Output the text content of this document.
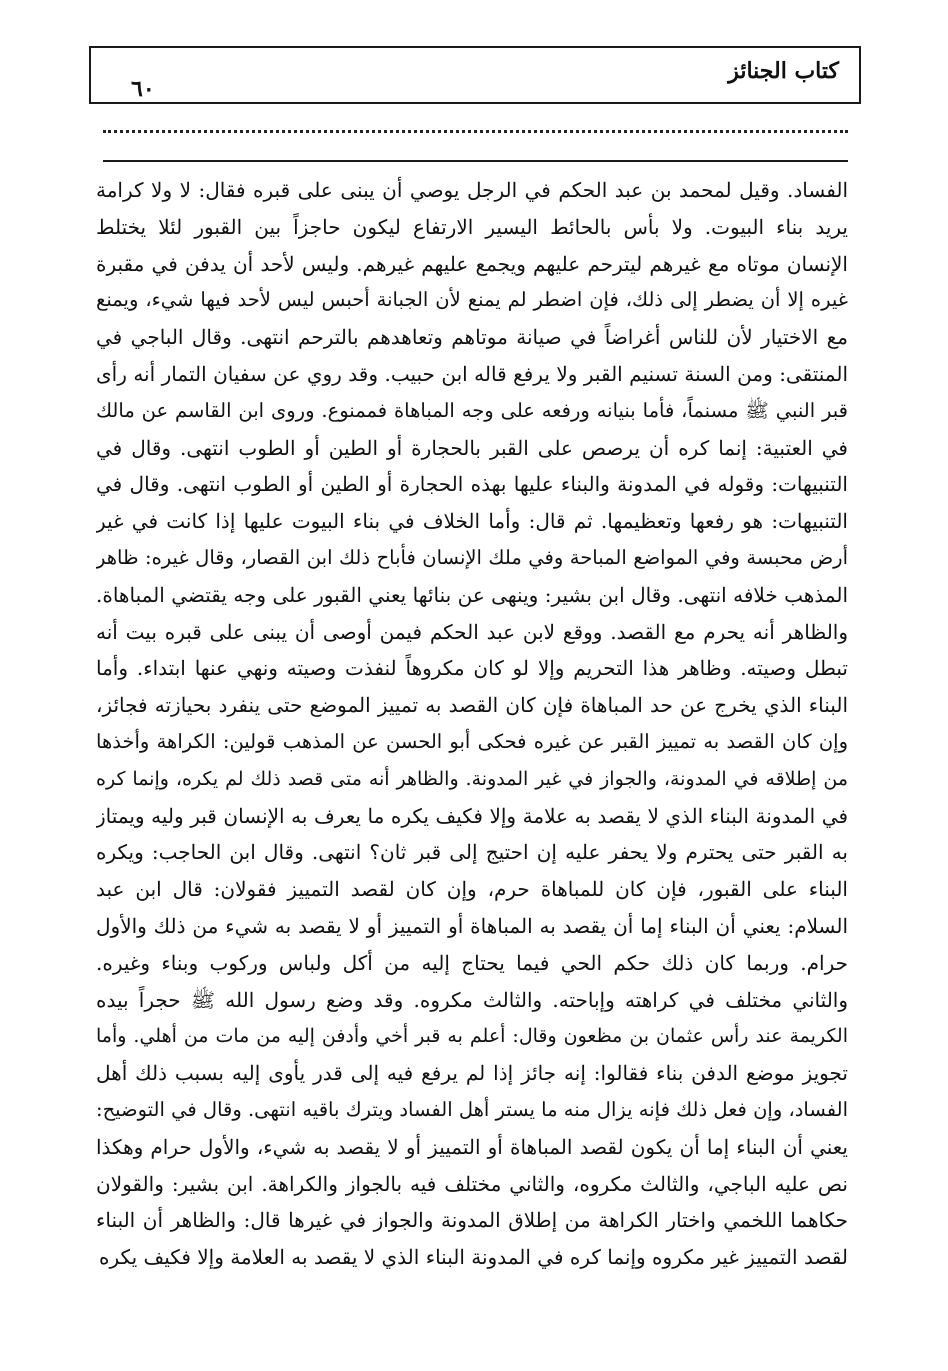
كتاب الجنائز
٦٠
الفساد. وقيل لمحمد بن عبد الحكم في الرجل يوصي أن يبنى على قبره فقال: لا ولا كرامة
يريد بناء البيوت. ولا بأس بالحائط اليسير الارتفاع ليكون حاجزاً بين القبور لئلا يختلط
الإنسان موتاه مع غيرهم ليترحم عليهم ويجمع عليهم غيرهم. وليس لأحد أن يدفن في مقبرة
غيره إلا أن يضطر إلى ذلك، فإن اضطر لم يمنع لأن الجبانة أحبس ليس لأحد فيها شيء، ويمنع
مع الاختيار لأن للناس أغراضاً في صيانة موتاهم وتعاهدهم بالترحم انتهى. وقال الباجي في
المنتقى: ومن السنة تسنيم القبر ولا يرفع قاله ابن حبيب. وقد روي عن سفيان التمار أنه رأى
قبر النبي ﷺ مسنماً، فأما بنيانه ورفعه على وجه المباهاة فممنوع. وروى ابن القاسم عن مالك
في العتبية: إنما كره أن يرصص على القبر بالحجارة أو الطين أو الطوب انتهى. وقال في
التنبيهات: وقوله في المدونة والبناء عليها بهذه الحجارة أو الطين أو الطوب انتهى. وقال في
التنبيهات: هو رفعها وتعظيمها. ثم قال: وأما الخلاف في بناء البيوت عليها إذا كانت في غير
أرض محبسة وفي المواضع المباحة وفي ملك الإنسان فأباح ذلك ابن القصار، وقال غيره: ظاهر
المذهب خلافه انتهى. وقال ابن بشير: وينهى عن بنائها يعني القبور على وجه يقتضي المباهاة.
والظاهر أنه يحرم مع القصد. ووقع لابن عبد الحكم فيمن أوصى أن يبنى على قبره بيت أنه
تبطل وصيته. وظاهر هذا التحريم وإلا لو كان مكروهاً لنفذت وصيته ونهي عنها ابتداء. وأما
البناء الذي يخرج عن حد المباهاة فإن كان القصد به تمييز الموضع حتى ينفرد بحيازته فجائز،
وإن كان القصد به تمييز القبر عن غيره فحكى أبو الحسن عن المذهب قولين: الكراهة وأخذها
من إطلاقه في المدونة، والجواز في غير المدونة. والظاهر أنه متى قصد ذلك لم يكره، وإنما كره
في المدونة البناء الذي لا يقصد به علامة وإلا فكيف يكره ما يعرف به الإنسان قبر وليه ويمتاز
به القبر حتى يحترم ولا يحفر عليه إن احتيج إلى قبر ثان؟ انتهى. وقال ابن الحاجب: ويكره
البناء على القبور، فإن كان للمباهاة حرم، وإن كان لقصد التمييز فقولان: قال ابن عبد
السلام: يعني أن البناء إما أن يقصد به المباهاة أو التمييز أو لا يقصد به شيء من ذلك والأول
حرام. وربما كان ذلك حكم الحي فيما يحتاج إليه من أكل ولباس وركوب وبناء وغيره.
والثاني مختلف في كراهته وإباحته. والثالث مكروه. وقد وضع رسول الله ﷺ حجراً بيده
الكريمة عند رأس عثمان بن مظعون وقال: أعلم به قبر أخي وأدفن إليه من مات من أهلي. وأما
تجويز موضع الدفن بناء فقالوا: إنه جائز إذا لم يرفع فيه إلى قدر يأوى إليه بسبب ذلك أهل
الفساد، وإن فعل ذلك فإنه يزال منه ما يستر أهل الفساد ويترك باقيه انتهى. وقال في التوضيح:
يعني أن البناء إما أن يكون لقصد المباهاة أو التمييز أو لا يقصد به شيء، والأول حرام وهكذا
نص عليه الباجي، والثالث مكروه، والثاني مختلف فيه بالجواز والكراهة. ابن بشير: والقولان
حكاهما اللخمي واختار الكراهة من إطلاق المدونة والجواز في غيرها قال: والظاهر أن البناء
لقصد التمييز غير مكروه وإنما كره في المدونة البناء الذي لا يقصد به العلامة وإلا فكيف يكره
